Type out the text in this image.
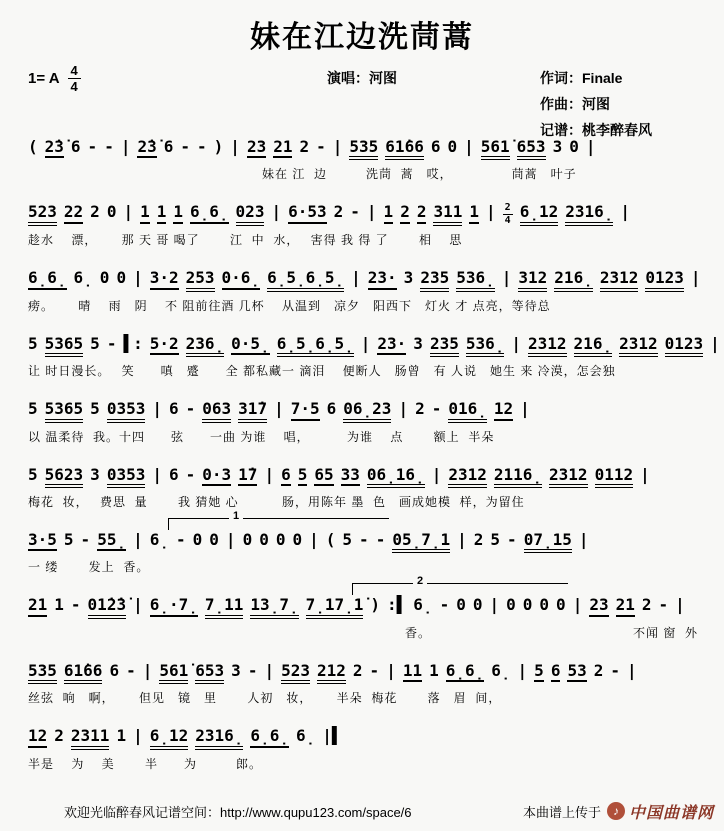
妹在江边洗茼蒿
1= A $\frac{4}{4}$	演唱：河图	作词：Finale
作曲：河图
记谱：桃李醉春风
( 2̇3̇ 6 - - | 2̇3̇ 6 - - ) | 23 21 2 - | 535 61̇66 6 0 | 561̇ 653 3 0 |
　　　　　　　　　　　　　　　　　　妹在 江  边　　　洗茼  蒿   哎，　　　　　茼蒿   叶子
523 22 2 0 | 1 1 1 6̣6̣ 023 | 6·53 2 - | 1 2 2 311 1 | 2
4 6̣12 2316̣ |
趁水　 漂，　　 那 天 哥 喝了　　 江  中  水，　 害得 我 得 了　　 相　 思
6̣6̣ 6̣ 0 0 | 3·2 253 0·6̣ 6̣5̣6̣5̣ | 23· 3 235 536̣ | 312 216̣ 2312 0123 |
痨。　　 晴　 雨　阴　 不 阻前往酒 几杯　 从温到　凉夕　阳西下　灯火 才 点亮，等待总
5 5365 5 - ▌: 5·2 236̣ 0·5̣ 6̣5̣6̣5̣ | 23· 3 235 536̣ | 2312 216̣ 2312 0123 |
让 时日漫长。　 笑　　嗔　蹙　　全 都私藏一 滴泪　 便断人　肠曾　有 人说　她生 来 冷漠，怎会独
5 5365 5 0353 | 6 - 063 31̇7 | 7·5 6 06̣23 | 2 - 016̣ 12 |
以 温柔待  我。十四　　弦　　一曲 为谁　 唱，　　　 为谁　 点　　 额上  半朵
5 5623 3 0353 | 6 - 0·3 1̇7 | 6 5 65 33 06̣16̣ | 2312 2116̣ 2312 0112 |
梅花  妆，　 费思  量　　 我 猜她 心　　　 肠，用陈年 墨  色　画成她模  样，为留住
1
3·5 5 - 55̣ | 6̣ - 0 0 | 0 0 0 0 | ( 5 - - 05̣7̣1 | 2 5 - 07̣15 |
一 缕　　 发上  香。
2
21 1 - 01̇2̇3̇ | 6̣·7̣ 7̣11 13̣7̣ 7̣17̣1̇ ) :▌ 6̣ - 0 0 | 0 0 0 0 | 23 21 2 - |
　　　　　　　　　　　　　　　　　　　　　　　　　　　　　香。　　　　　　　　　　　　　　　　不闻 窗  外
535 61̇66 6 - | 561̇ 653 3 - | 523 212 2 - | 11 1 6̣6̣ 6̣ | 5 6 53 2 - |
丝弦  响   啊，　　 但见   镜   里　　 人初   妆，　　 半朵  梅花　　 落   眉  间，
12 2 2311 1 | 6̣12 2316̣ 6̣6̣ 6̣ |▌
半是　 为　 美　　 半　　为　　　郎。
欢迎光临醉春风记谱空间：http://www.qupu123.com/space/6	本曲谱上传于	♪ 中国曲谱网
